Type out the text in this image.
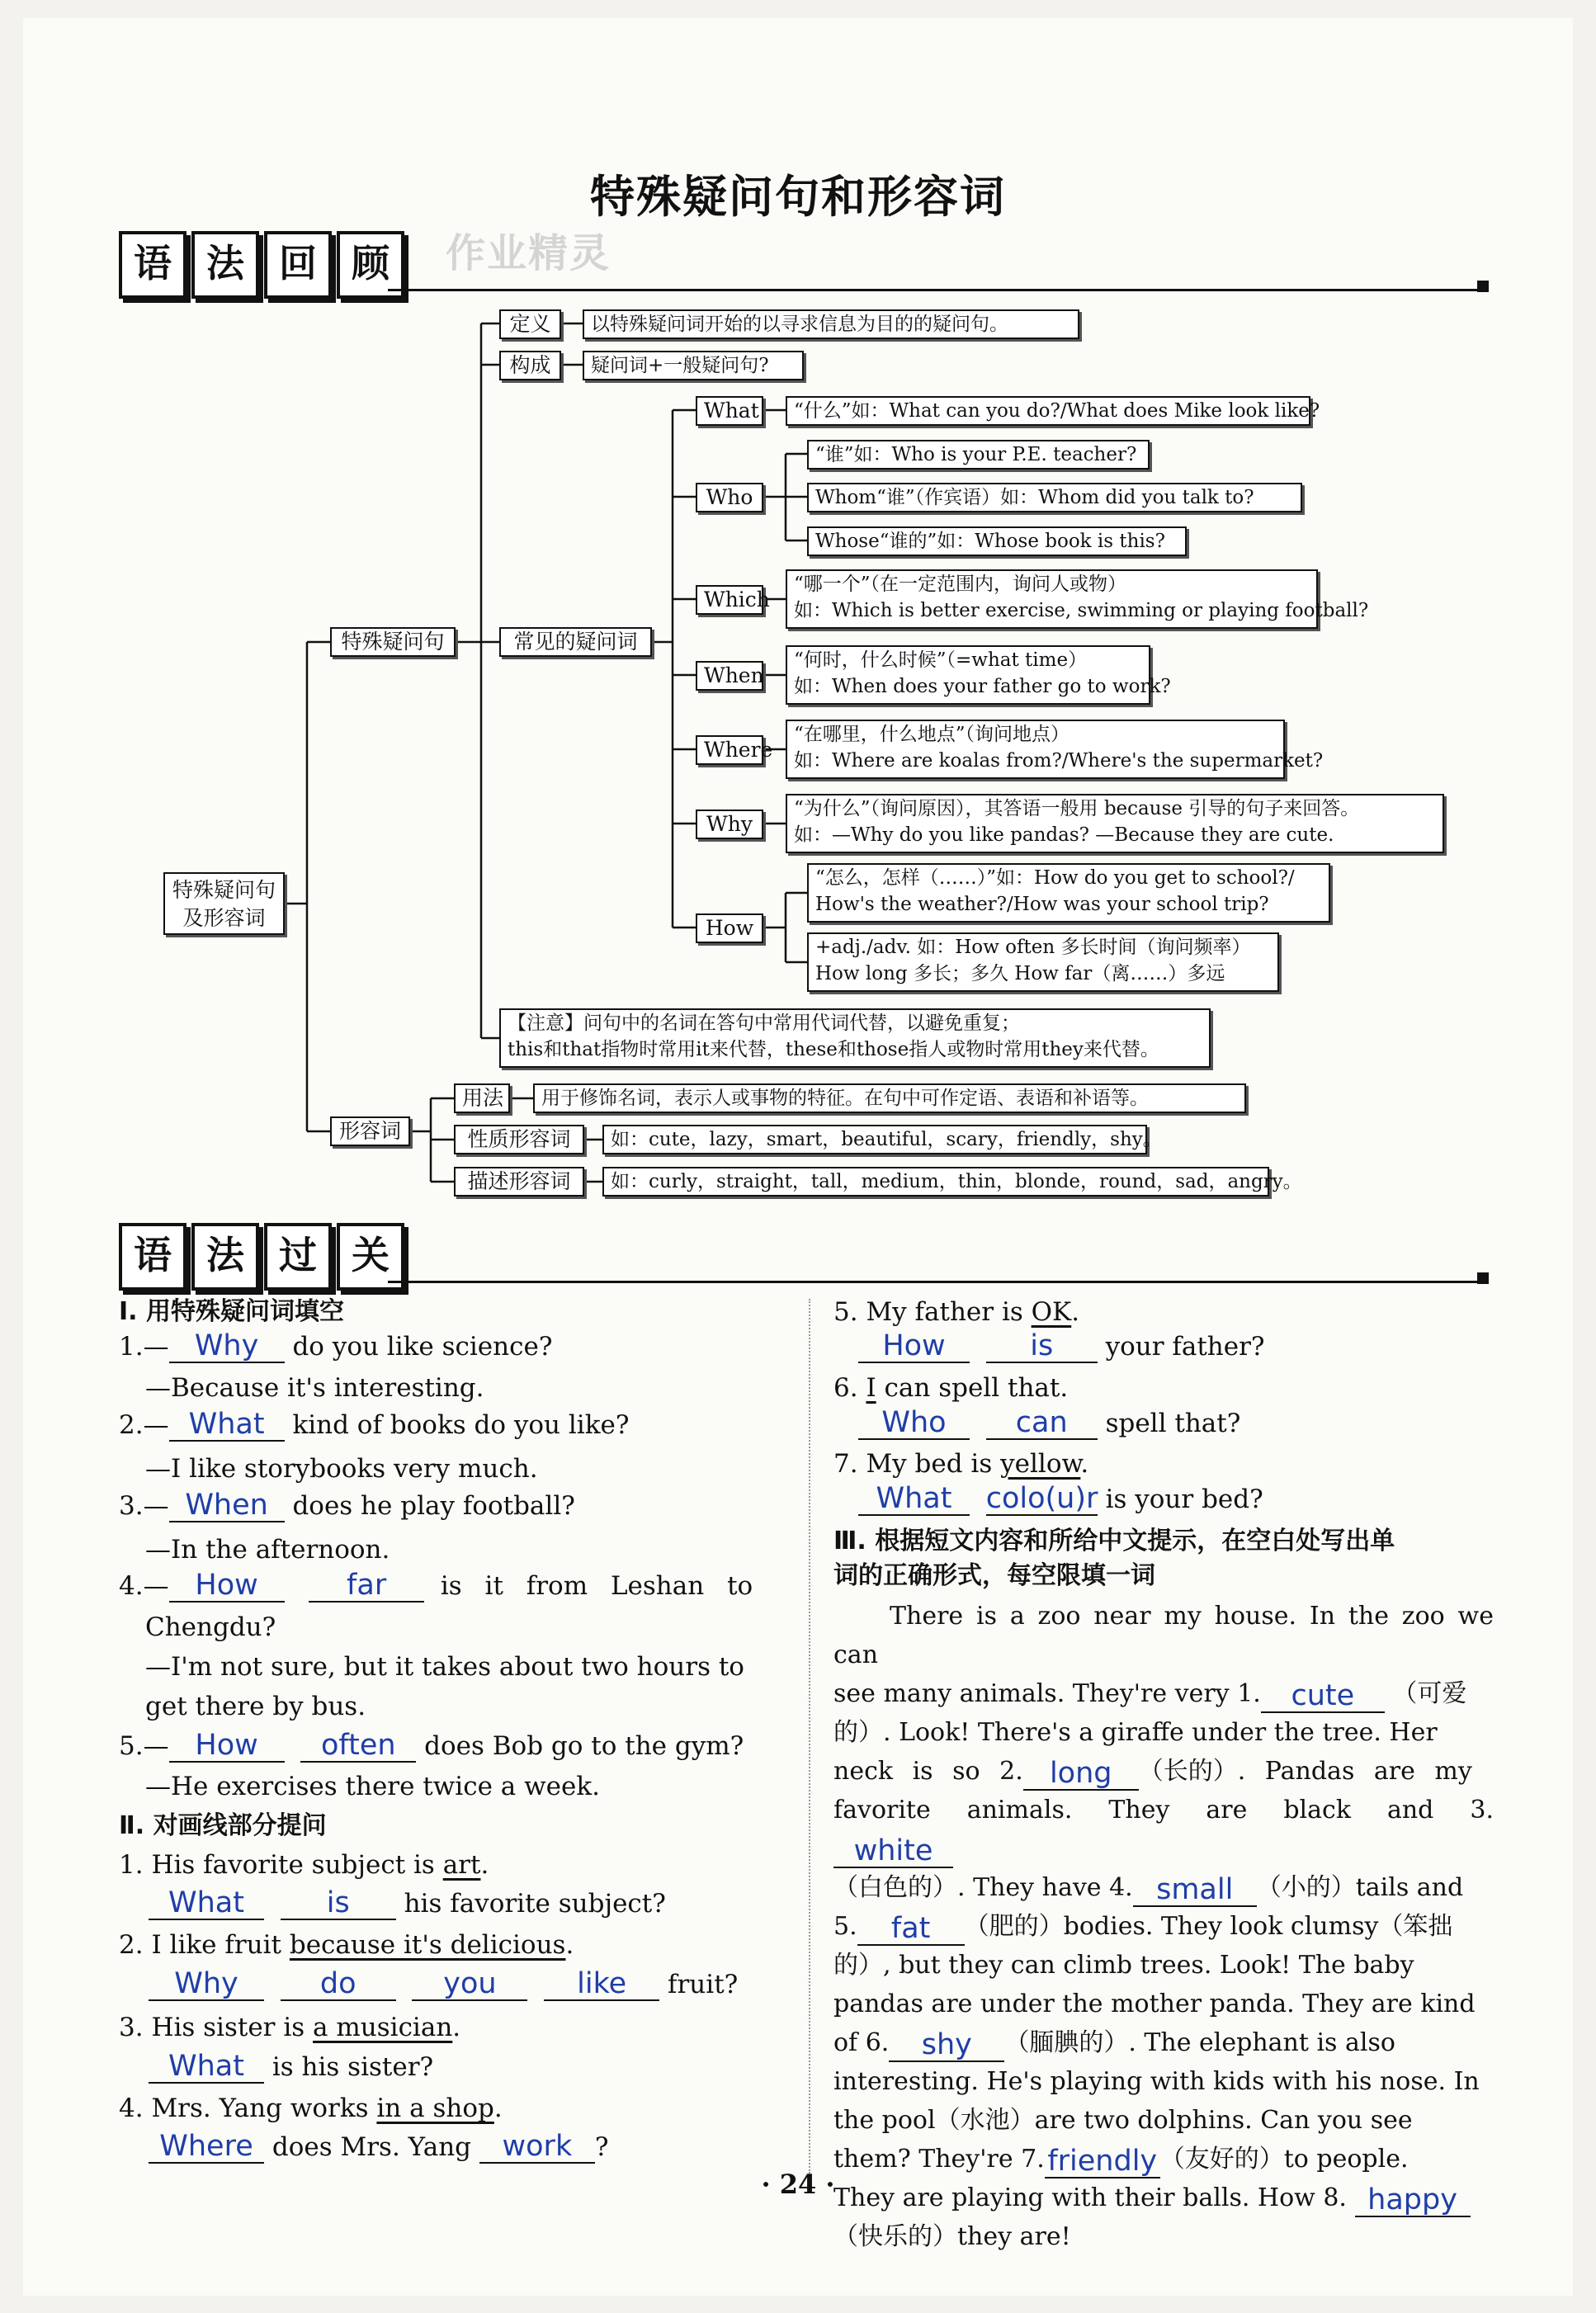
特殊疑问句和形容词
语 法 回 顾	作业精灵
特殊疑问句
及形容词
特殊疑问句
定义	以特殊疑问词开始的以寻求信息为目的的疑问句。
构成	疑问词+一般疑问句?
常见的疑问词
What	“什么”如：What can you do?/What does Mike look like?
Who
“谁”如：Who is your P.E. teacher?
Whom“谁”（作宾语）如：Whom did you talk to?
Whose“谁的”如：Whose book is this?
Which
“哪一个”（在一定范围内，询问人或物）
如：Which is better exercise, swimming or playing football?
When
“何时，什么时候”（=what time）
如：When does your father go to work?
Where
“在哪里，什么地点”（询问地点）
如：Where are koalas from?/Where's the supermarket?
Why
“为什么”（询问原因），其答语一般用 because 引导的句子来回答。
如：—Why do you like pandas? —Because they are cute.
How
“怎么，怎样（……）”如：How do you get to school?/
How's the weather?/How was your school trip?
+adj./adv. 如：How often 多长时间（询问频率）
How long 多长；多久 How far（离……）多远
【注意】问句中的名词在答句中常用代词代替，以避免重复；
this和that指物时常用it来代替，these和those指人或物时常用they来代替。
形容词
用法	用于修饰名词，表示人或事物的特征。在句中可作定语、表语和补语等。
性质形容词	如：cute，lazy，smart，beautiful，scary，friendly，shy。
描述形容词	如：curly，straight，tall，medium，thin，blonde，round，sad，angry。
语 法 过 关
Ⅰ. 用特殊疑问词填空
1.— Why do you like science?
—Because it's interesting.
2.— What kind of books do you like?
—I like storybooks very much.
3.— When does he play football?
—In the afternoon.
4.— How	far is it from Leshan to
Chengdu?
—I'm not sure, but it takes about two hours to
get there by bus.
5.— How often does Bob go to the gym?
—He exercises there twice a week.
Ⅱ. 对画线部分提问
1. His favorite subject is art.
What	is his favorite subject?
2. I like fruit because it's delicious.
Why	do	you	like fruit?
3. His sister is a musician.
What is his sister?
4. Mrs. Yang works in a shop.
Where does Mrs. Yang work ?
5. My father is OK.
How	is your father?
6. I can spell that.
Who can spell that?
7. My bed is yellow.
What colo(u)r is your bed?
Ⅲ. 根据短文内容和所给中文提示，在空白处写出单
词的正确形式，每空限填一词
There is a zoo near my house. In the zoo we can
see many animals. They're very 1. cute （可爱
的）. Look! There's a giraffe under the tree. Her
neck is so 2. long （长的）. Pandas are my
favorite animals. They are black and 3. white
（白色的）. They have 4. small （小的）tails and
5. fat （肥的）bodies. They look clumsy（笨拙
的）, but they can climb trees. Look! The baby
pandas are under the mother panda. They are kind
of 6. shy （腼腆的）. The elephant is also
interesting. He's playing with kids with his nose. In
the pool（水池）are two dolphins. Can you see
them? They're 7. friendly （友好的）to people.
They are playing with their balls. How 8. happy
（快乐的）they are!
· 24 ·
